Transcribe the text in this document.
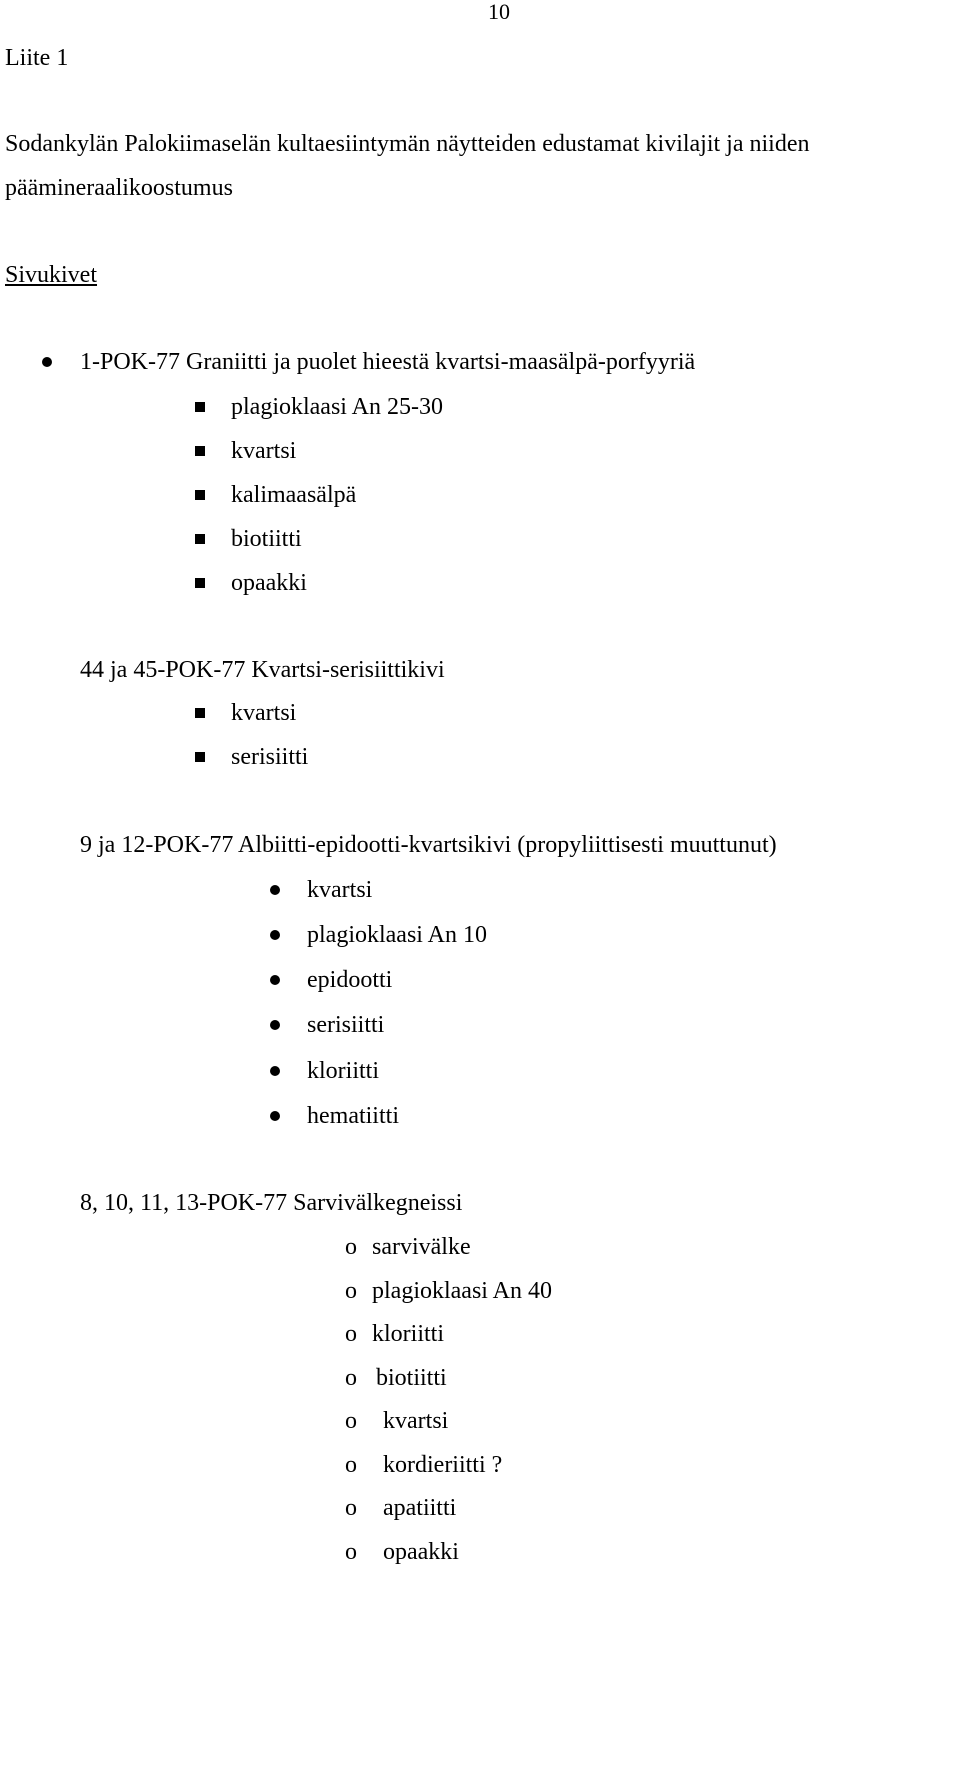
10
Liite 1
Sodankylän Palokiimaselän kultaesiintymän näytteiden edustamat kivilajit ja niiden
päämineraalikoostumus
Sivukivet
1-POK-77 Graniitti ja puolet hieestä kvartsi-maasälpä-porfyyriä
plagioklaasi An 25-30
kvartsi
kalimaasälpä
biotiitti
opaakki
44 ja 45-POK-77 Kvartsi-serisiittikivi
kvartsi
serisiitti
9 ja 12-POK-77 Albiitti-epidootti-kvartsikivi (propyliittisesti muuttunut)
kvartsi
plagioklaasi An 10
epidootti
serisiitti
kloriitti
hematiitti
8, 10, 11, 13-POK-77 Sarvivälkegneissi
o sarvivälke
o plagioklaasi An 40
o kloriitti
o biotiitti
o kvartsi
o kordieriitti ?
o apatiitti
o opaakki
